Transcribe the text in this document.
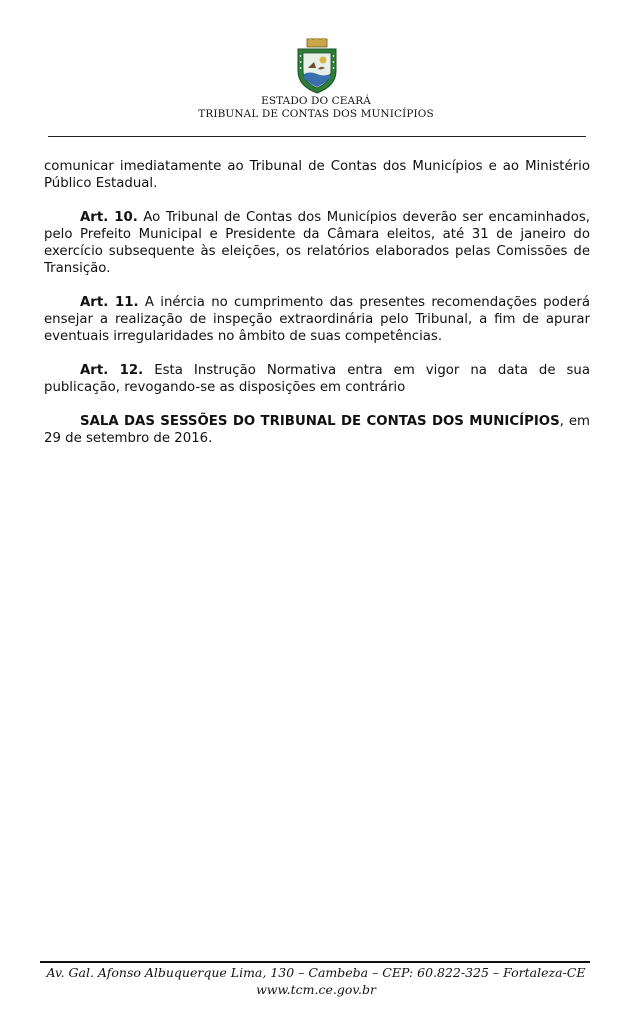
ESTADO DO CEARÁ
TRIBUNAL DE CONTAS DOS MUNICÍPIOS

comunicar imediatamente ao Tribunal de Contas dos Municípios e ao Ministério Público Estadual.

Art. 10. Ao Tribunal de Contas dos Municípios deverão ser encaminhados, pelo Prefeito Municipal e Presidente da Câmara eleitos, até 31 de janeiro do exercício subsequente às eleições, os relatórios elaborados pelas Comissões de Transição.

Art. 11. A inércia no cumprimento das presentes recomendações poderá ensejar a realização de inspeção extraordinária pelo Tribunal, a fim de apurar eventuais irregularidades no âmbito de suas competências.

Art. 12. Esta Instrução Normativa entra em vigor na data de sua publicação, revogando-se as disposições em contrário

SALA DAS SESSÕES DO TRIBUNAL DE CONTAS DOS MUNICÍPIOS, em 29 de setembro de 2016.

Av. Gal. Afonso Albuquerque Lima, 130 – Cambeba – CEP: 60.822-325 – Fortaleza-CE
www.tcm.ce.gov.br
